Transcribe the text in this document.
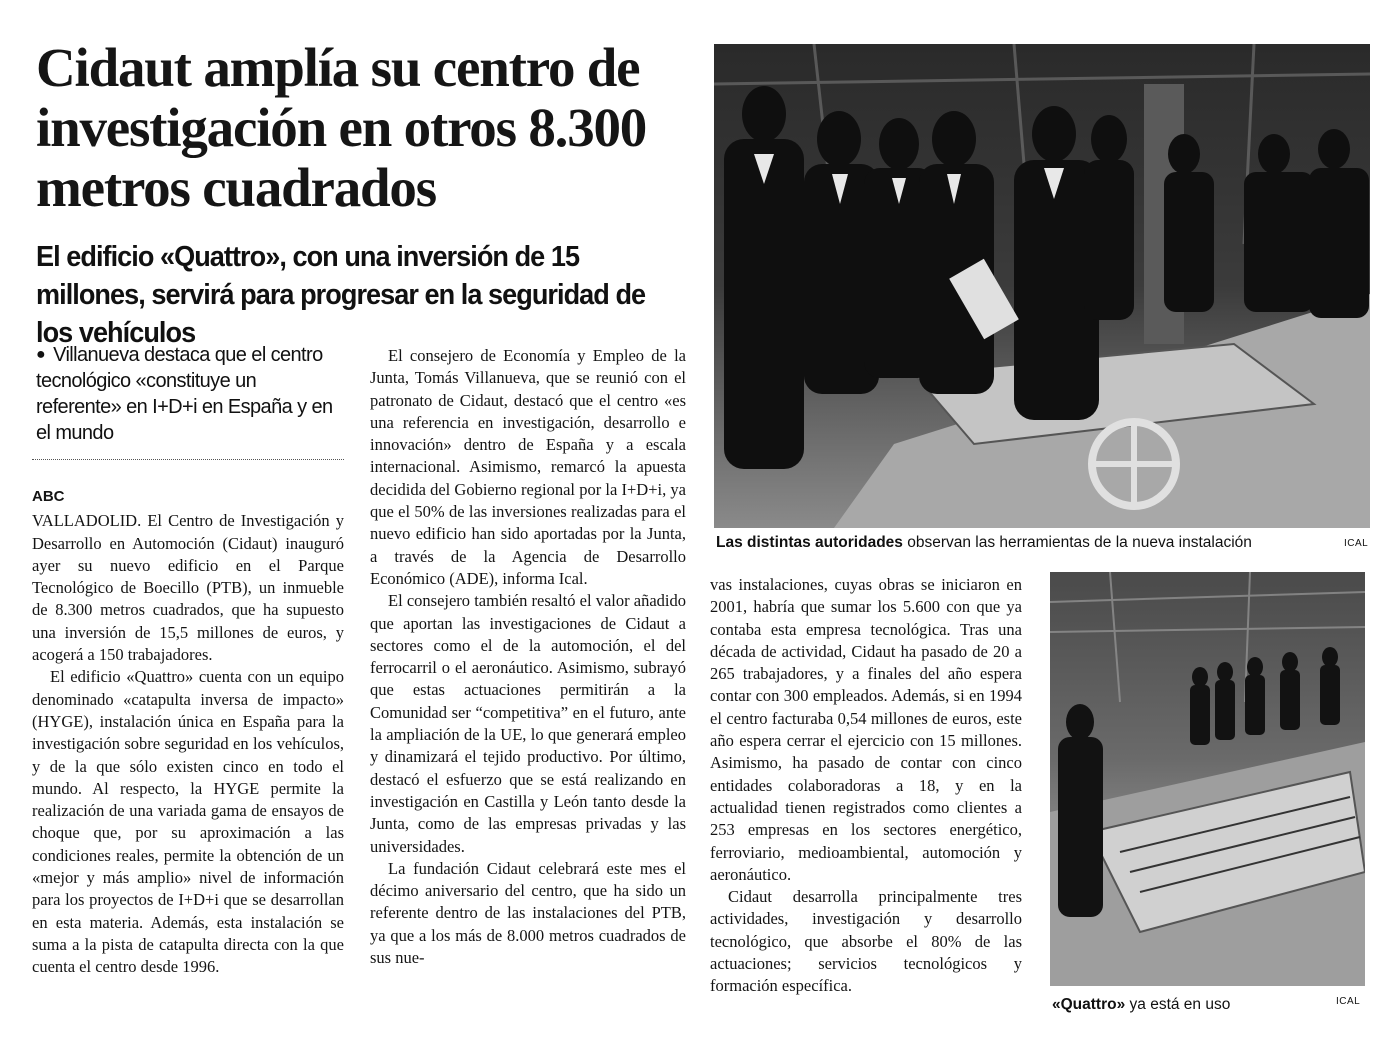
Cidaut amplía su centro de investigación en otros 8.300 metros cuadrados
El edificio «Quattro», con una inversión de 15 millones, servirá para progresar en la seguridad de los vehículos
● Villanueva destaca que el centro tecnológico «constituye un referente» en I+D+i en España y en el mundo
ABC

VALLADOLID. El Centro de Investigación y Desarrollo en Automoción (Cidaut) inauguró ayer su nuevo edificio en el Parque Tecnológico de Boecillo (PTB), un inmueble de 8.300 metros cuadrados, que ha supuesto una inversión de 15,5 millones de euros, y acogerá a 150 trabajadores.

El edificio «Quattro» cuenta con un equipo denominado «catapulta inversa de impacto» (HYGE), instalación única en España para la investigación sobre seguridad en los vehículos, y de la que sólo existen cinco en todo el mundo. Al respecto, la HYGE permite la realización de una variada gama de ensayos de choque que, por su aproximación a las condiciones reales, permite la obtención de un «mejor y más amplio» nivel de información para los proyectos de I+D+i que se desarrollan en esta materia. Además, esta instalación se suma a la pista de catapulta directa con la que cuenta el centro desde 1996.

El consejero de Economía y Empleo de la Junta, Tomás Villanueva, que se reunió con el patronato de Cidaut, destacó que el centro «es una referencia en investigación, desarrollo e innovación» dentro de España y a escala internacional. Asimismo, remarcó la apuesta decidida del Gobierno regional por la I+D+i, ya que el 50% de las inversiones realizadas para el nuevo edificio han sido aportadas por la Junta, a través de la Agencia de Desarrollo Económico (ADE), informa Ical.

El consejero también resaltó el valor añadido que aportan las investigaciones de Cidaut a sectores como el de la automoción, el del ferrocarril o el aeronáutico. Asimismo, subrayó que estas actuaciones permitirán a la Comunidad ser “competitiva” en el futuro, ante la ampliación de la UE, lo que generará empleo y dinamizará el tejido productivo. Por último, destacó el esfuerzo que se está realizando en investigación en Castilla y León tanto desde la Junta, como de las empresas privadas y las universidades.

La fundación Cidaut celebrará este mes el décimo aniversario del centro, que ha sido un referente dentro de las instalaciones del PTB, ya que a los más de 8.000 metros cuadrados de sus nue-

vas instalaciones, cuyas obras se iniciaron en 2001, habría que sumar los 5.600 con que ya contaba esta empresa tecnológica. Tras una década de actividad, Cidaut ha pasado de 20 a 265 trabajadores, y a finales del año espera contar con 300 empleados. Además, si en 1994 el centro facturaba 0,54 millones de euros, este año espera cerrar el ejercicio con 15 millones. Asimismo, ha pasado de contar con cinco entidades colaboradoras a 18, y en la actualidad tienen registrados como clientes a 253 empresas en los sectores energético, ferroviario, medioambiental, automoción y aeronáutico.

Cidaut desarrolla principalmente tres actividades, investigación y desarrollo tecnológico, que absorbe el 80% de las actuaciones; servicios tecnológicos y formación específica.

Las distintas autoridades observan las herramientas de la nueva instalación	ICAL
«Quattro» ya está en uso	ICAL
